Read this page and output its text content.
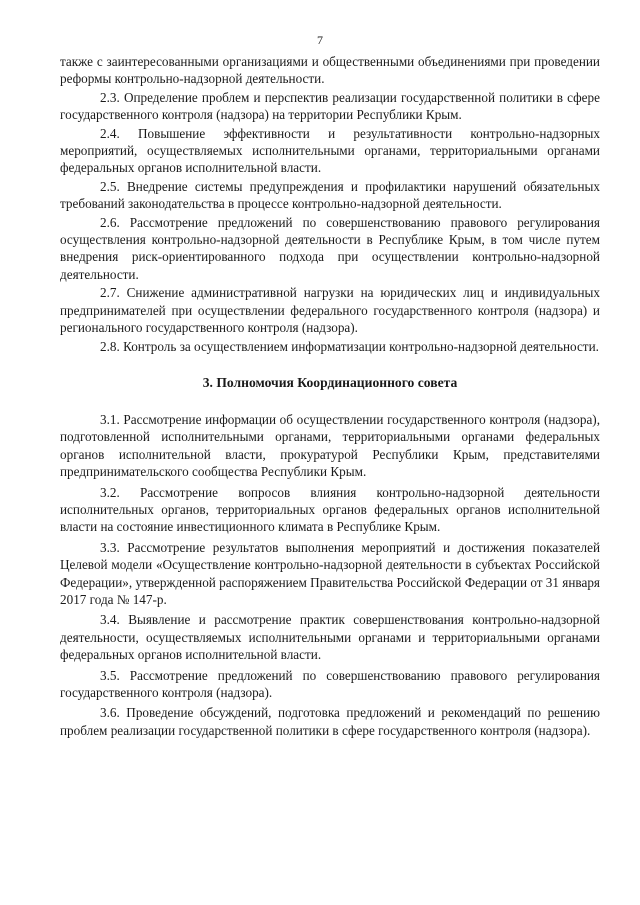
7

также с заинтересованными организациями и общественными объединениями при проведении реформы контрольно-надзорной деятельности.

2.3. Определение проблем и перспектив реализации государственной политики в сфере государственного контроля (надзора) на территории Республики Крым.

2.4. Повышение эффективности и результативности контрольно-надзорных мероприятий, осуществляемых исполнительными органами, территориальными органами федеральных органов исполнительной власти.

2.5. Внедрение системы предупреждения и профилактики нарушений обязательных требований законодательства в процессе контрольно-надзорной деятельности.

2.6. Рассмотрение предложений по совершенствованию правового регулирования осуществления контрольно-надзорной деятельности в Республике Крым, в том числе путем внедрения риск-ориентированного подхода при осуществлении контрольно-надзорной деятельности.

2.7. Снижение административной нагрузки на юридических лиц и индивидуальных предпринимателей при осуществлении федерального государственного контроля (надзора) и регионального государственного контроля (надзора).

2.8. Контроль за осуществлением информатизации контрольно-надзорной деятельности.

3. Полномочия Координационного совета

3.1. Рассмотрение информации об осуществлении государственного контроля (надзора), подготовленной исполнительными органами, территориальными органами федеральных органов исполнительной власти, прокуратурой Республики Крым, представителями предпринимательского сообщества Республики Крым.

3.2. Рассмотрение вопросов влияния контрольно-надзорной деятельности исполнительных органов, территориальных органов федеральных органов исполнительной власти на состояние инвестиционного климата в Республике Крым.

3.3. Рассмотрение результатов выполнения мероприятий и достижения показателей Целевой модели «Осуществление контрольно-надзорной деятельности в субъектах Российской Федерации», утвержденной распоряжением Правительства Российской Федерации от 31 января 2017 года № 147-р.

3.4. Выявление и рассмотрение практик совершенствования контрольно-надзорной деятельности, осуществляемых исполнительными органами и территориальными органами федеральных органов исполнительной власти.

3.5. Рассмотрение предложений по совершенствованию правового регулирования государственного контроля (надзора).

3.6. Проведение обсуждений, подготовка предложений и рекомендаций по решению проблем реализации государственной политики в сфере государственного контроля (надзора).
